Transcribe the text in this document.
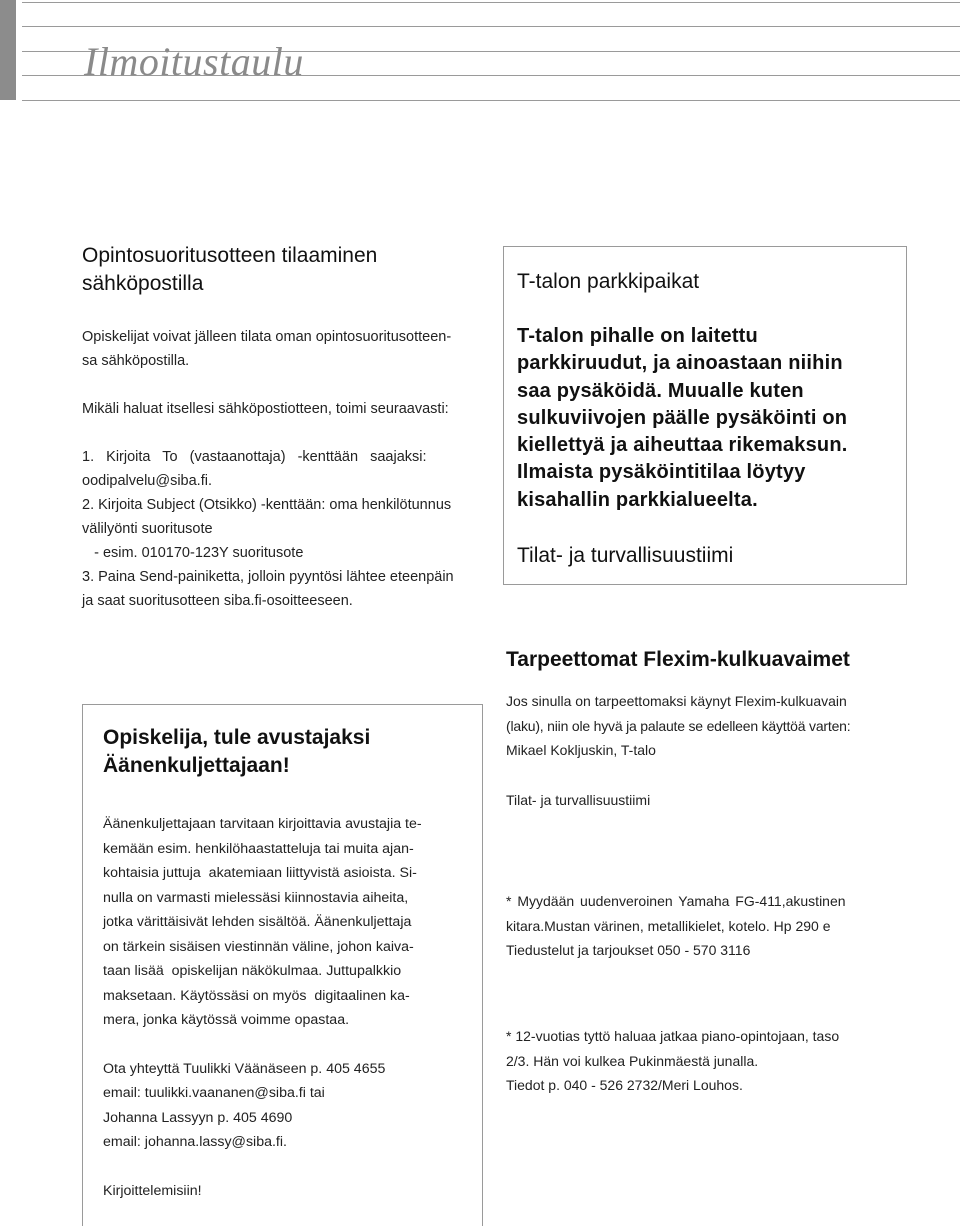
Ilmoitustaulu
Opintosuoritusotteen tilaaminen
sähköpostilla

Opiskelijat voivat jälleen tilata oman opintosuoritusotteen-

sa sähköpostilla.

Mikäli haluat itsellesi sähköpostiotteen, toimi seuraavasti:

1.  Kirjoita  To  (vastaanottaja)  -kenttään  saajaksi:

oodipalvelu@siba.fi.

2. Kirjoita Subject (Otsikko) -kenttään: oma henkilötunnus

välilyönti suoritusote

- esim. 010170-123Y suoritusote

3. Paina Send-painiketta, jolloin pyyntösi lähtee eteenpäin

ja saat suoritusotteen siba.fi-osoitteeseen.

T-talon parkkipaikat

T-talon pihalle on laitettu

parkkiruudut, ja ainoastaan niihin

saa pysäköidä. Muualle kuten

sulkuviivojen päälle pysäköinti on

kiellettyä ja aiheuttaa rikemaksun.

Ilmaista pysäköintitilaa löytyy

kisahallin parkkialueelta.

Tilat- ja turvallisuustiimi
Tarpeettomat Flexim-kulkuavaimet

Jos sinulla on tarpeettomaksi käynyt Flexim-kulkuavain

(laku), niin ole hyvä ja palaute se edelleen käyttöä varten:

Mikael Kokljuskin, T-talo

Tilat- ja turvallisuustiimi

* Myydään uudenveroinen Yamaha FG-411,akustinen

kitara.Mustan värinen, metallikielet, kotelo. Hp 290 e

Tiedustelut ja tarjoukset 050 - 570 3116

* 12-vuotias tyttö haluaa jatkaa piano-opintojaan, taso

2/3. Hän voi kulkea Pukinmäestä junalla.

Tiedot p. 040 - 526 2732/Meri Louhos.

Opiskelija, tule avustajaksi
Äänenkuljettajaan!

Äänenkuljettajaan tarvitaan kirjoittavia avustajia te-

kemään esim. henkilöhaastatteluja tai muita ajan-

kohtaisia juttuja  akatemiaan liittyvistä asioista. Si-

nulla on varmasti mielessäsi kiinnostavia aiheita,

jotka värittäisivät lehden sisältöä. Äänenkuljettaja

on tärkein sisäisen viestinnän väline, johon kaiva-

taan lisää  opiskelijan näkökulmaa. Juttupalkkio

maksetaan. Käytössäsi on myös  digitaalinen ka-

mera, jonka käytössä voimme opastaa.

Ota yhteyttä Tuulikki Väänäseen p. 405 4655

email: tuulikki.vaananen@siba.fi tai

Johanna Lassyyn p. 405 4690

email: johanna.lassy@siba.fi.

Kirjoittelemisiin!
